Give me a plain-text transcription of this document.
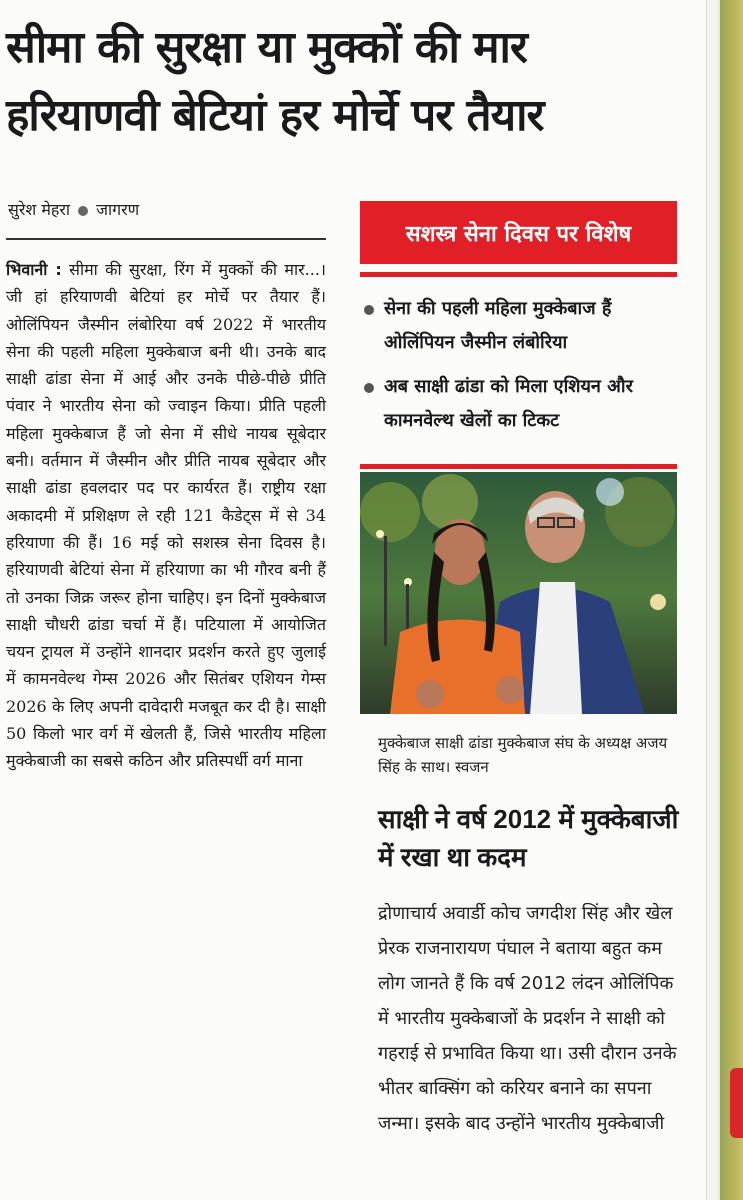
सीमा की सुरक्षा या मुक्कों की मार
हरियाणवी बेटियां हर मोर्चे पर तैयार
सुरेश मेहरा जागरण

भिवानी : सीमा की सुरक्षा, रिंग में मुक्कों की मार...। जी हां हरियाणवी बेटियां हर मोर्चे पर तैयार हैं। ओलिंपियन जैस्मीन लंबोरिया वर्ष 2022 में भारतीय सेना की पहली महिला मुक्केबाज बनी थी। उनके बाद साक्षी ढांडा सेना में आई और उनके पीछे-पीछे प्रीति पंवार ने भारतीय सेना को ज्वाइन किया। प्रीति पहली महिला मुक्केबाज हैं जो सेना में सीधे नायब सूबेदार बनी। वर्तमान में जैस्मीन और प्रीति नायब सूबेदार और साक्षी ढांडा हवलदार पद पर कार्यरत हैं। राष्ट्रीय रक्षा अकादमी में प्रशिक्षण ले रही 121 कैडेट्स में से 34 हरियाणा की हैं। 16 मई को सशस्त्र सेना दिवस है। हरियाणवी बेटियां सेना में हरियाणा का भी गौरव बनी हैं तो उनका जिक्र जरूर होना चाहिए। इन दिनों मुक्केबाज साक्षी चौधरी ढांडा चर्चा में हैं। पटियाला में आयोजित चयन ट्रायल में उन्होंने शानदार प्रदर्शन करते हुए जुलाई में कामनवेल्थ गेम्स 2026 और सितंबर एशियन गेम्स 2026 के लिए अपनी दावेदारी मजबूत कर दी है। साक्षी 50 किलो भार वर्ग में खेलती हैं, जिसे भारतीय महिला मुक्केबाजी का सबसे कठिन और प्रतिस्पर्धी वर्ग माना

सशस्त्र सेना दिवस पर विशेष
सेना की पहली महिला मुक्केबाज हैं ओलिंपियन जैस्मीन लंबोरिया
अब साक्षी ढांडा को मिला एशियन और कामनवेल्थ खेलों का टिकट

मुक्केबाज साक्षी ढांडा मुक्केबाज संघ के अध्यक्ष अजय सिंह के साथ। स्वजन

साक्षी ने वर्ष 2012 में मुक्केबाजी में रखा था कदम

द्रोणाचार्य अवार्डी कोच जगदीश सिंह और खेल प्रेरक राजनारायण पंघाल ने बताया बहुत कम लोग जानते हैं कि वर्ष 2012 लंदन ओलिंपिक में भारतीय मुक्केबाजों के प्रदर्शन ने साक्षी को गहराई से प्रभावित किया था। उसी दौरान उनके भीतर बाक्सिंग को करियर बनाने का सपना जन्मा। इसके बाद उन्होंने भारतीय मुक्केबाजी
